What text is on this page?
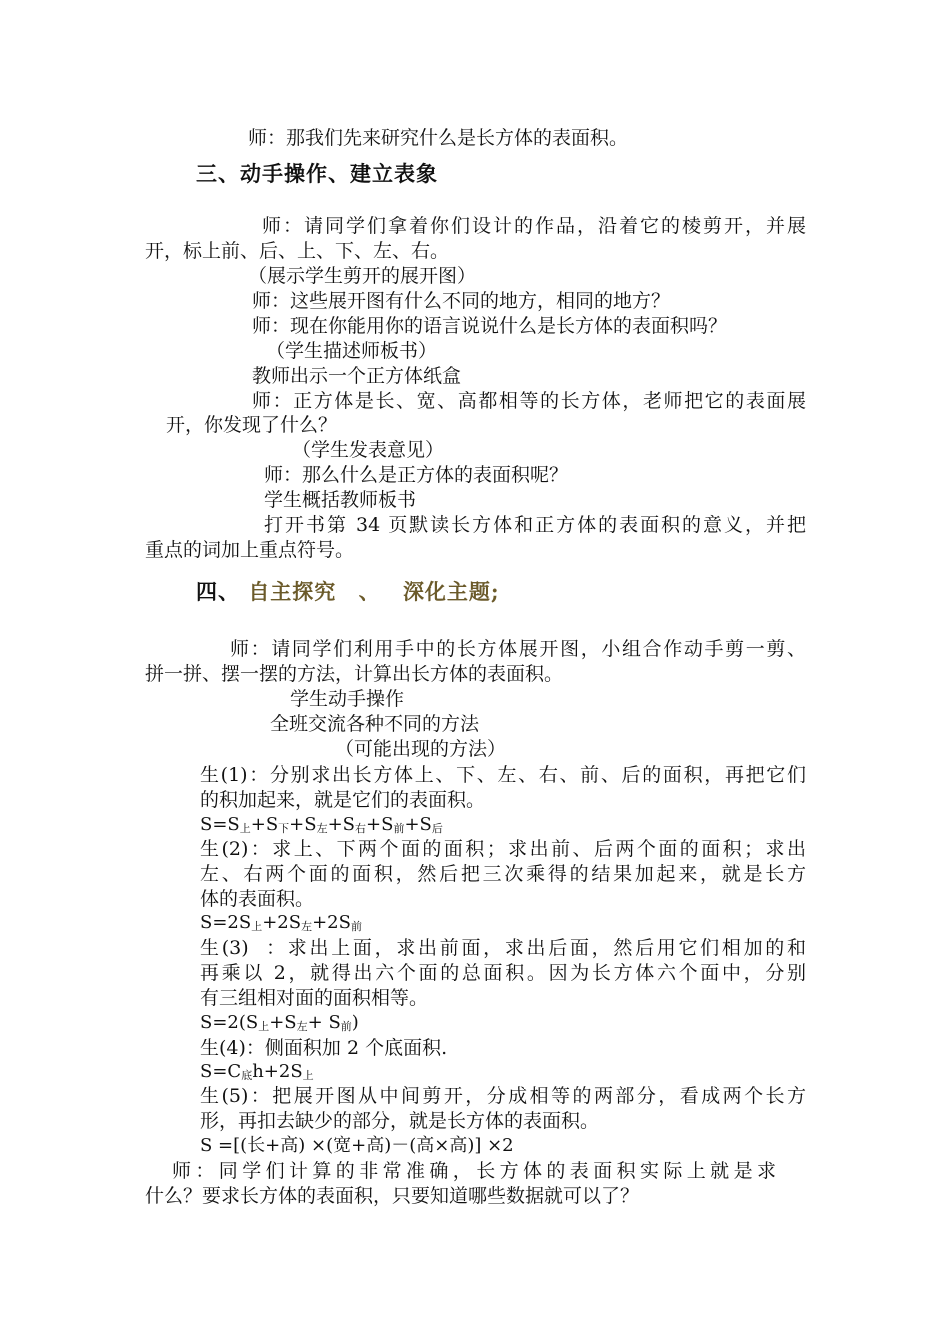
师：那我们先来研究什么是长方体的表面积。
三、动手操作、建立表象
师：请同学们拿着你们设计的作品，沿着它的棱剪开，并展
开，标上前、后、上、下、左、右。
（展示学生剪开的展开图）
师：这些展开图有什么不同的地方，相同的地方？
师：现在你能用你的语言说说什么是长方体的表面积吗？
（学生描述师板书）
教师出示一个正方体纸盒
师：正方体是长、宽、高都相等的长方体，老师把它的表面展
开，你发现了什么？
（学生发表意见）
师：那么什么是正方体的表面积呢？
学生概括教师板书
打开书第 34 页默读长方体和正方体的表面积的意义，并把
重点的词加上重点符号。
四、 自主探究 、 深化主题;
师：请同学们利用手中的长方体展开图，小组合作动手剪一剪、
拼一拼、摆一摆的方法，计算出长方体的表面积。
学生动手操作
全班交流各种不同的方法
（可能出现的方法）
生(1)：分别求出长方体上、下、左、右、前、后的面积，再把它们
的积加起来，就是它们的表面积。
$S=S_上+S_下+S_左+S_右+S_前+S_后$
生(2)：求上、下两个面的面积；求出前、后两个面的面积；求出
左、右两个面的面积，然后把三次乘得的结果加起来，就是长方
体的表面积。
$S=2S_上+2S_左+2S_前$
生(3)  ：求出上面，求出前面，求出后面，然后用它们相加的和
再乘以 2，就得出六个面的总面积。因为长方体六个面中，分别
有三组相对面的面积相等。
$S=2(S_上+S_左+ S_前)$
生(4)：侧面积加 2 个底面积.
$S=C_底h+2S_上$
生(5)：把展开图从中间剪开，分成相等的两部分，看成两个长方
形，再扣去缺少的部分，就是长方体的表面积。
S =[(长+高) ×(宽+高)－(高×高)] ×2
师：同学们计算的非常准确，长方体的表面积实际上就是求
什么？要求长方体的表面积，只要知道哪些数据就可以了？
